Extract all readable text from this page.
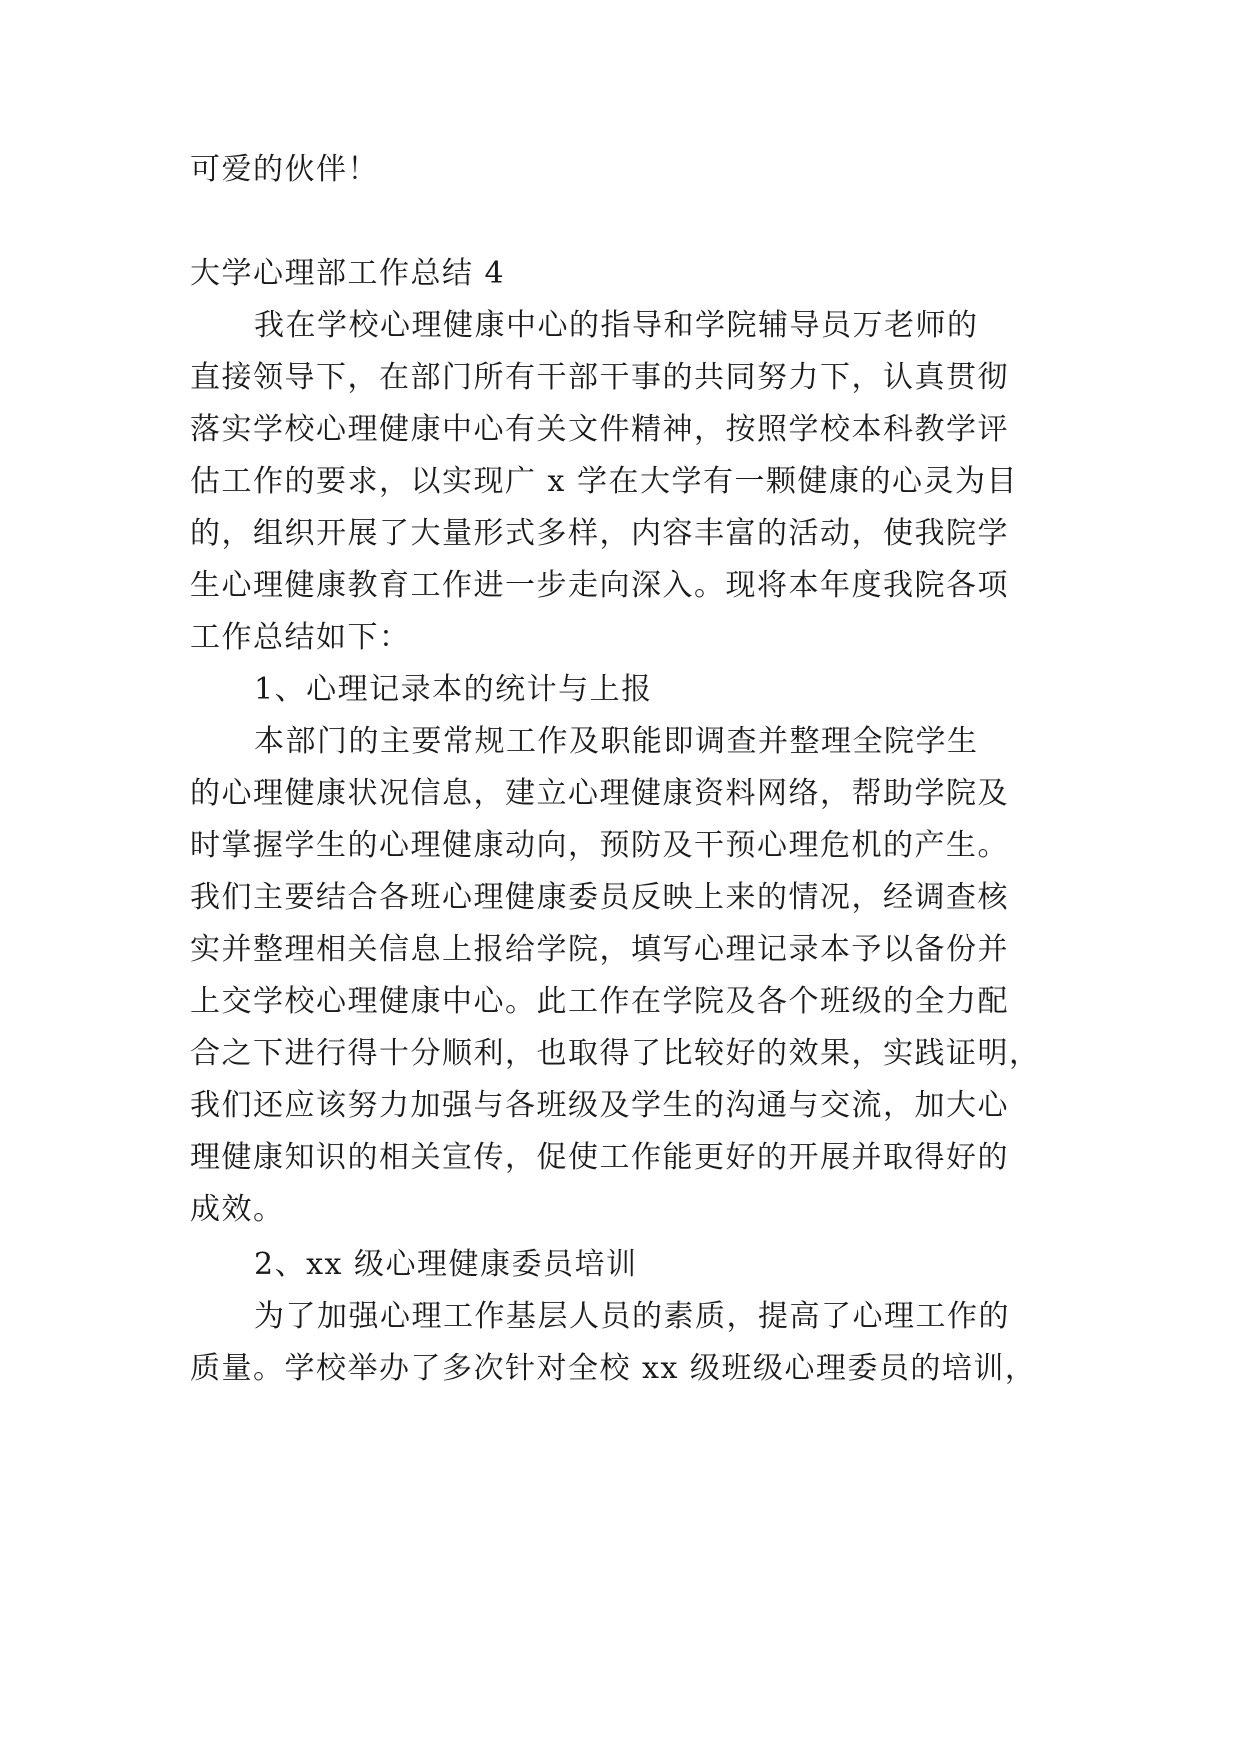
可爱的伙伴！
大学心理部工作总结 4
我在学校心理健康中心的指导和学院辅导员万老师的
直接领导下，在部门所有干部干事的共同努力下，认真贯彻
落实学校心理健康中心有关文件精神，按照学校本科教学评
估工作的要求，以实现广 x 学在大学有一颗健康的心灵为目
的，组织开展了大量形式多样，内容丰富的活动，使我院学
生心理健康教育工作进一步走向深入。现将本年度我院各项
工作总结如下：
1、心理记录本的统计与上报
本部门的主要常规工作及职能即调查并整理全院学生
的心理健康状况信息，建立心理健康资料网络，帮助学院及
时掌握学生的心理健康动向，预防及干预心理危机的产生。
我们主要结合各班心理健康委员反映上来的情况，经调查核
实并整理相关信息上报给学院，填写心理记录本予以备份并
上交学校心理健康中心。此工作在学院及各个班级的全力配
合之下进行得十分顺利，也取得了比较好的效果，实践证明，
我们还应该努力加强与各班级及学生的沟通与交流，加大心
理健康知识的相关宣传，促使工作能更好的开展并取得好的
成效。
2、xx 级心理健康委员培训
为了加强心理工作基层人员的素质，提高了心理工作的
质量。学校举办了多次针对全校 xx 级班级心理委员的培训，
